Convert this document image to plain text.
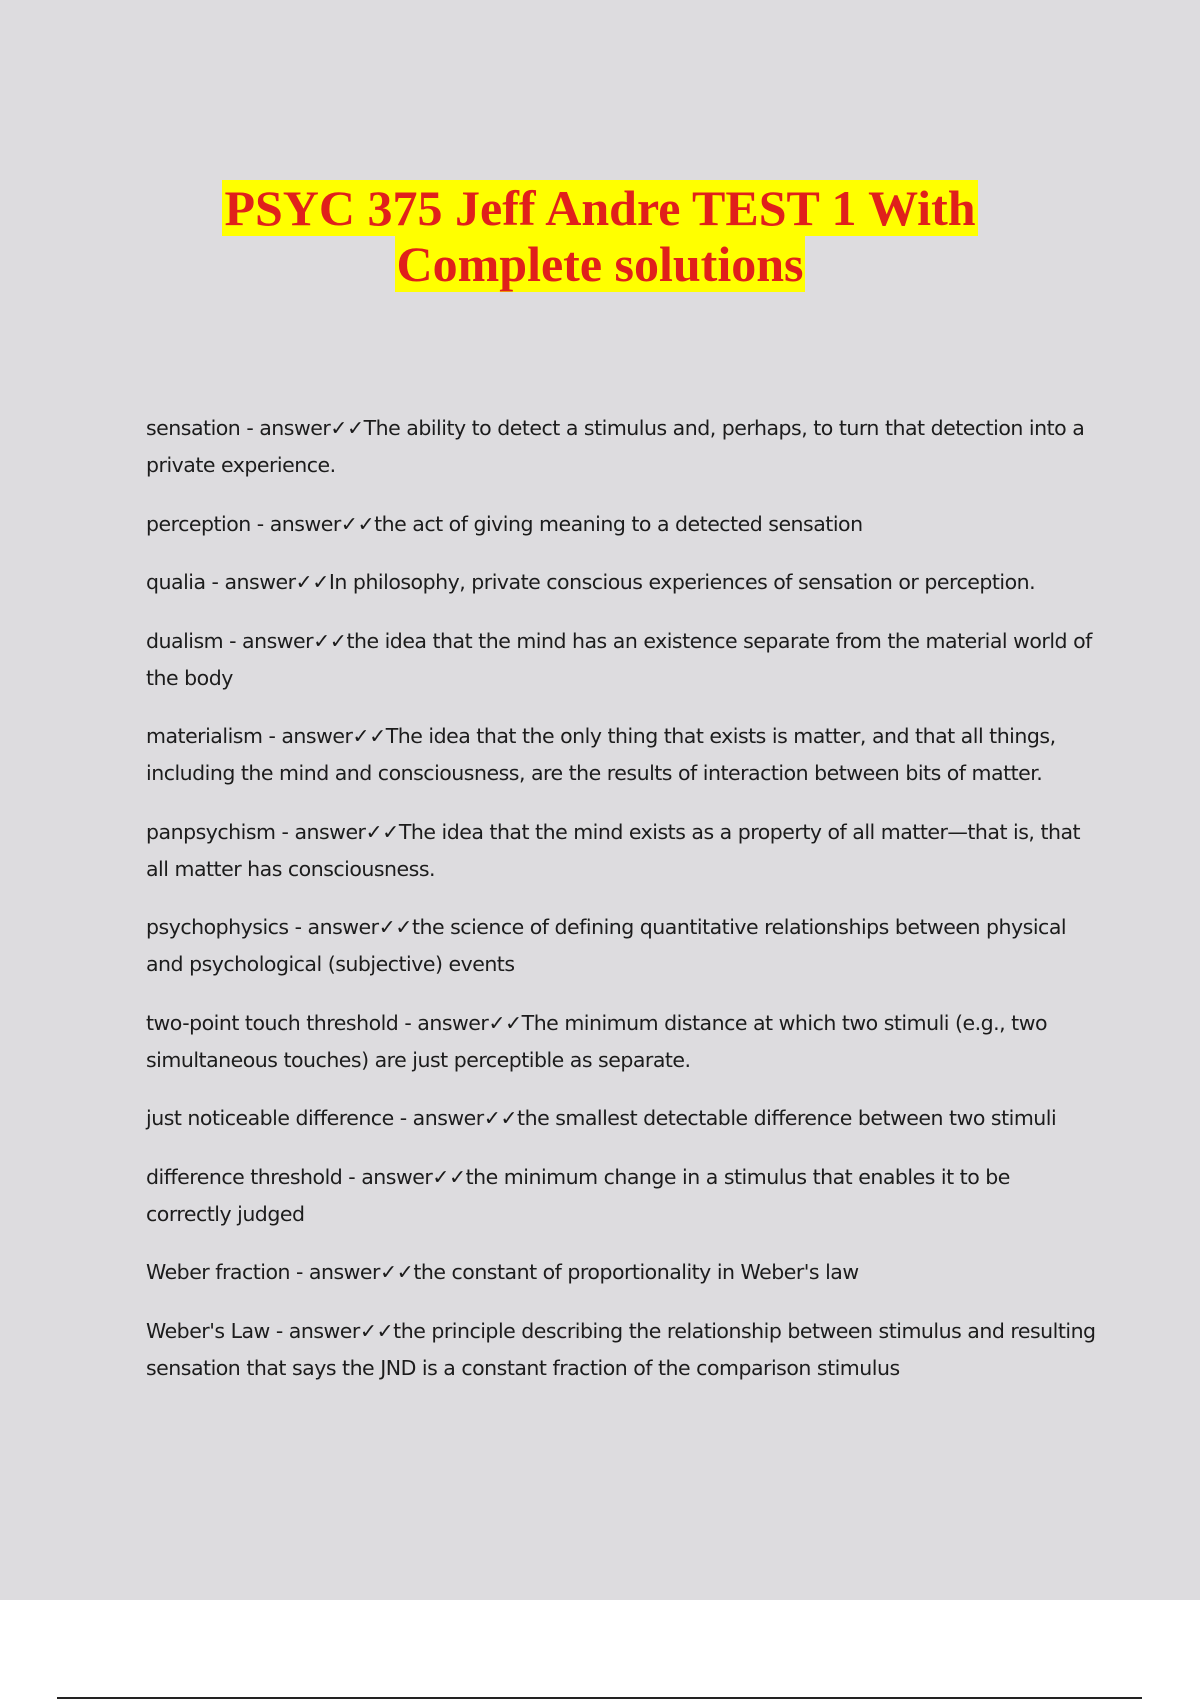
PSYC 375 Jeff Andre TEST 1 With
Complete solutions

sensation - answer✓✓The ability to detect a stimulus and, perhaps, to turn that detection into a private experience.

perception - answer✓✓the act of giving meaning to a detected sensation

qualia - answer✓✓In philosophy, private conscious experiences of sensation or perception.

dualism - answer✓✓the idea that the mind has an existence separate from the material world of the body

materialism - answer✓✓The idea that the only thing that exists is matter, and that all things, including the mind and consciousness, are the results of interaction between bits of matter.

panpsychism - answer✓✓The idea that the mind exists as a property of all matter—that is, that all matter has consciousness.

psychophysics - answer✓✓the science of defining quantitative relationships between physical and psychological (subjective) events

two-point touch threshold - answer✓✓The minimum distance at which two stimuli (e.g., two simultaneous touches) are just perceptible as separate.

just noticeable difference - answer✓✓the smallest detectable difference between two stimuli

difference threshold - answer✓✓the minimum change in a stimulus that enables it to be correctly judged

Weber fraction - answer✓✓the constant of proportionality in Weber's law

Weber's Law - answer✓✓the principle describing the relationship between stimulus and resulting sensation that says the JND is a constant fraction of the comparison stimulus
